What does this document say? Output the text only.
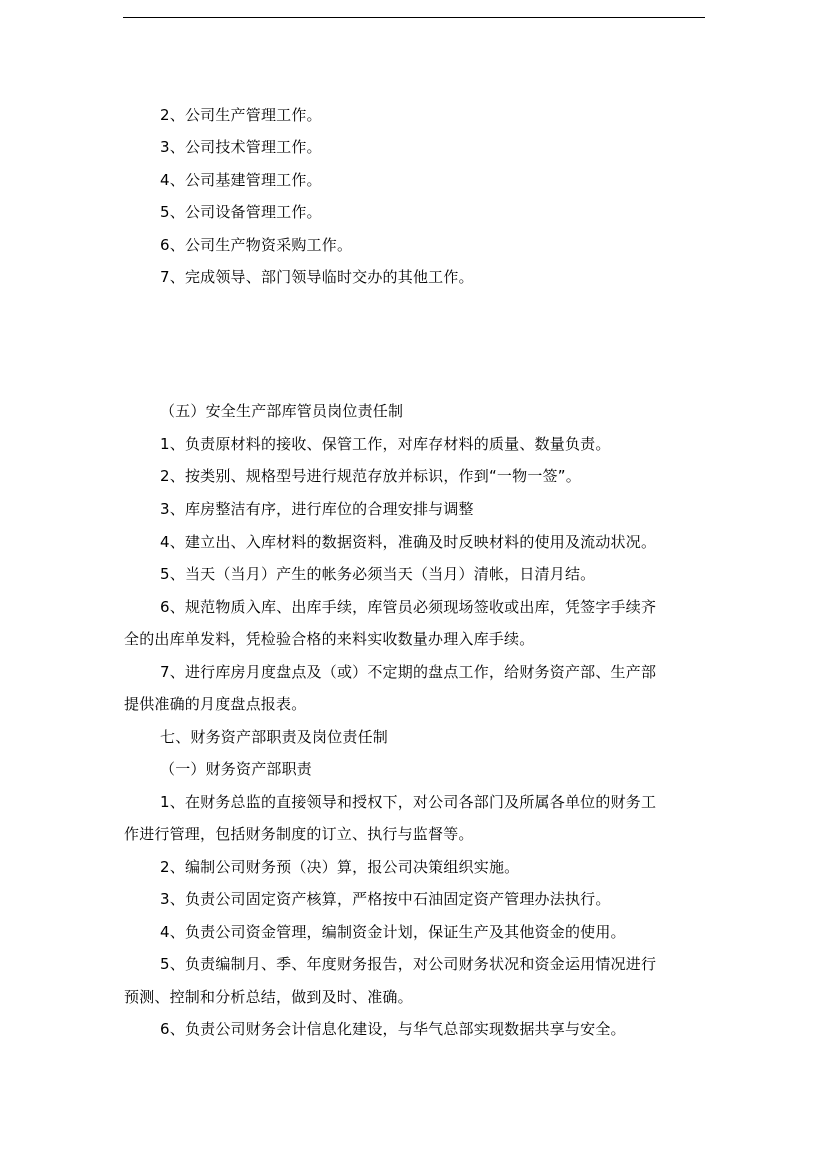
2、公司生产管理工作。
3、公司技术管理工作。
4、公司基建管理工作。
5、公司设备管理工作。
6、公司生产物资采购工作。
7、完成领导、部门领导临时交办的其他工作。
（五）安全生产部库管员岗位责任制
1、负责原材料的接收、保管工作，对库存材料的质量、数量负责。
2、按类别、规格型号进行规范存放并标识，作到“一物一签”。
3、库房整洁有序，进行库位的合理安排与调整
4、建立出、入库材料的数据资料，准确及时反映材料的使用及流动状况。
5、当天（当月）产生的帐务必须当天（当月）清帐，日清月结。
6、规范物质入库、出库手续，库管员必须现场签收或出库，凭签字手续齐
全的出库单发料，凭检验合格的来料实收数量办理入库手续。
7、进行库房月度盘点及（或）不定期的盘点工作，给财务资产部、生产部
提供准确的月度盘点报表。
七、财务资产部职责及岗位责任制
（一）财务资产部职责
1、在财务总监的直接领导和授权下，对公司各部门及所属各单位的财务工
作进行管理，包括财务制度的订立、执行与监督等。
2、编制公司财务预（决）算，报公司决策组织实施。
3、负责公司固定资产核算，严格按中石油固定资产管理办法执行。
4、负责公司资金管理，编制资金计划，保证生产及其他资金的使用。
5、负责编制月、季、年度财务报告，对公司财务状况和资金运用情况进行
预测、控制和分析总结，做到及时、准确。
6、负责公司财务会计信息化建设，与华气总部实现数据共享与安全。
